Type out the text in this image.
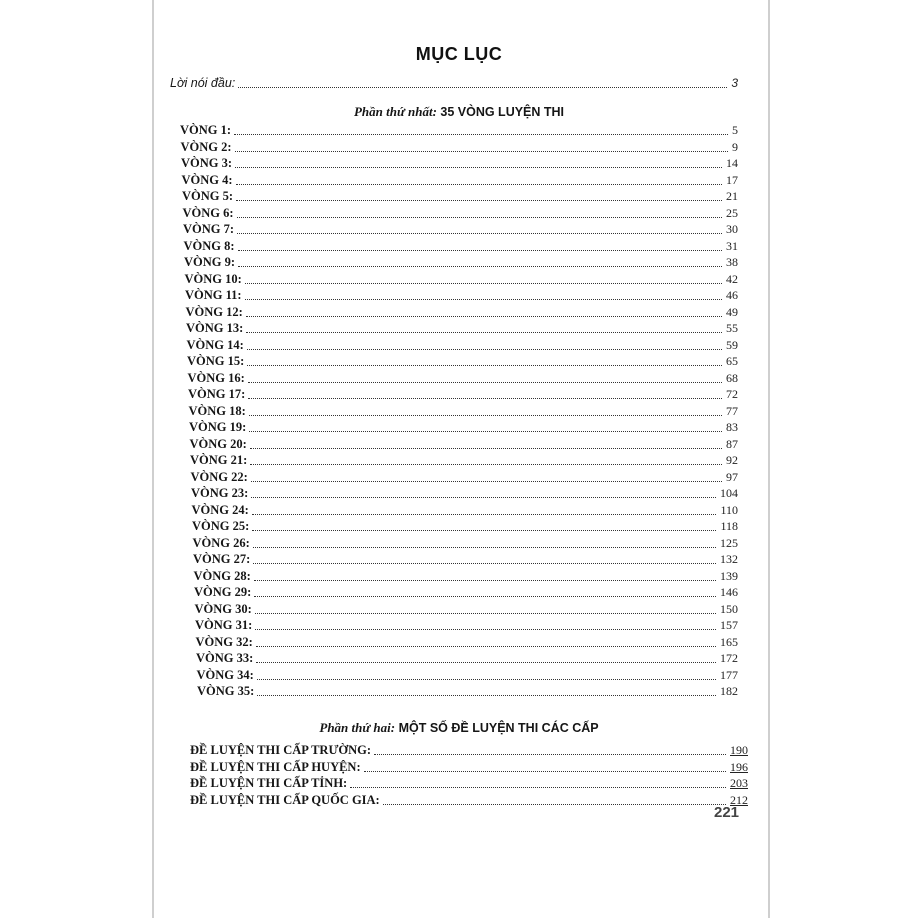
MỤC LỤC
Lời nói đầu:	3
Phần thứ nhất: 35 VÒNG LUYỆN THI
VÒNG 1:	5
VÒNG 2:	9
VÒNG 3:	14
VÒNG 4:	17
VÒNG 5:	21
VÒNG 6:	25
VÒNG 7:	30
VÒNG 8:	31
VÒNG 9:	38
VÒNG 10:	42
VÒNG 11:	46
VÒNG 12:	49
VÒNG 13:	55
VÒNG 14:	59
VÒNG 15:	65
VÒNG 16:	68
VÒNG 17:	72
VÒNG 18:	77
VÒNG 19:	83
VÒNG 20:	87
VÒNG 21:	92
VÒNG 22:	97
VÒNG 23:	104
VÒNG 24:	110
VÒNG 25:	118
VÒNG 26:	125
VÒNG 27:	132
VÒNG 28:	139
VÒNG 29:	146
VÒNG 30:	150
VÒNG 31:	157
VÒNG 32:	165
VÒNG 33:	172
VÒNG 34:	177
VÒNG 35:	182
Phần thứ hai: MỘT SỐ ĐỀ LUYỆN THI CÁC CẤP
ĐỀ LUYỆN THI CẤP TRƯỜNG:	190
ĐỀ LUYỆN THI CẤP HUYỆN:	196
ĐỀ LUYỆN THI CẤP TỈNH:	203
ĐỀ LUYỆN THI CẤP QUỐC GIA:	212
221
